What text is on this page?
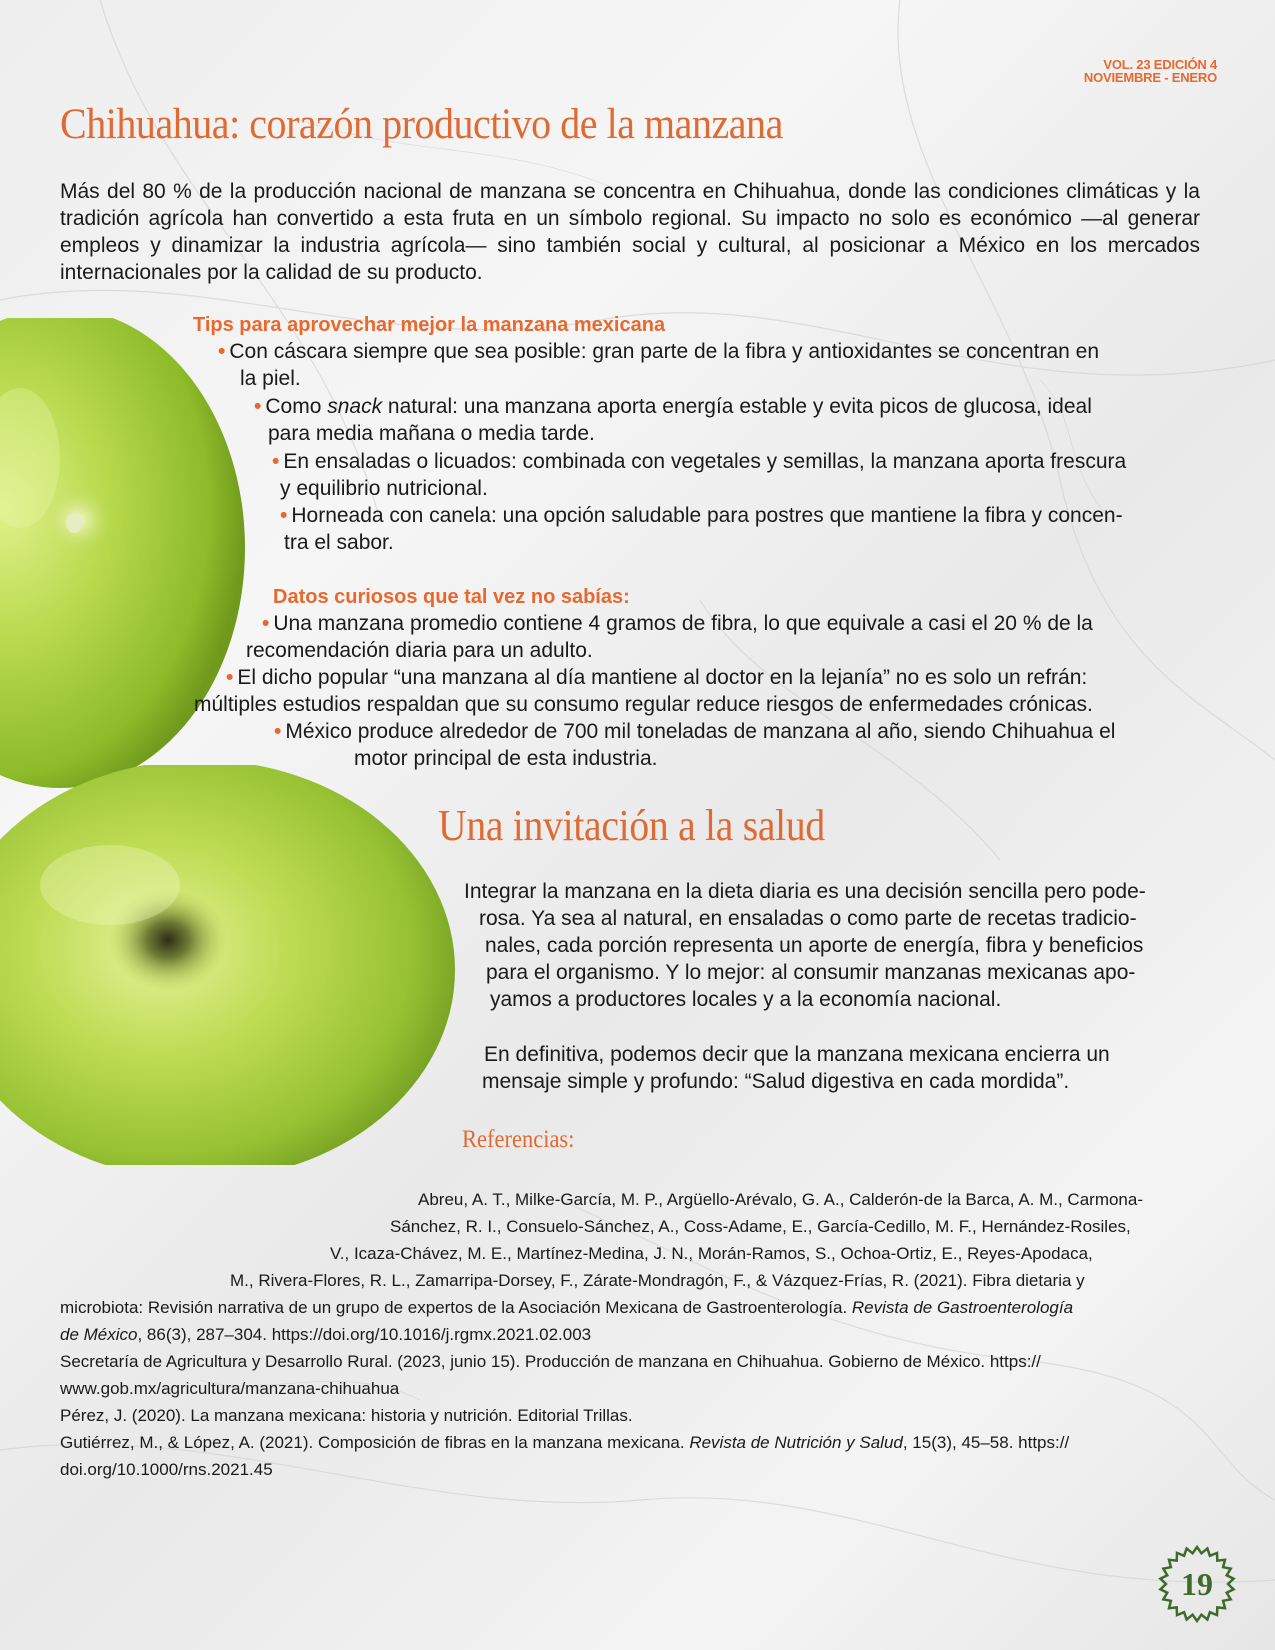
VOL. 23 EDICIÓN 4
NOVIEMBRE - ENERO
Chihuahua: corazón productivo de la manzana

Más del 80 % de la producción nacional de manzana se concentra en Chihuahua, donde las condiciones climáticas y la tradición agrícola han convertido a esta fruta en un símbolo regional. Su impacto no solo es económico —al generar empleos y dinamizar la industria agrícola— sino también social y cultural, al posicionar a México en los mercados internacionales por la calidad de su producto.

Tips para aprovechar mejor la manzana mexicana
• Con cáscara siempre que sea posible: gran parte de la fibra y antioxidantes se concentran en
la piel.
• Como snack natural: una manzana aporta energía estable y evita picos de glucosa, ideal
para media mañana o media tarde.
• En ensaladas o licuados: combinada con vegetales y semillas, la manzana aporta frescura
y equilibrio nutricional.
• Horneada con canela: una opción saludable para postres que mantiene la fibra y concen-
tra el sabor.
Datos curiosos que tal vez no sabías:
• Una manzana promedio contiene 4 gramos de fibra, lo que equivale a casi el 20 % de la
recomendación diaria para un adulto.
• El dicho popular “una manzana al día mantiene al doctor en la lejanía” no es solo un refrán:
múltiples estudios respaldan que su consumo regular reduce riesgos de enfermedades crónicas.
• México produce alrededor de 700 mil toneladas de manzana al año, siendo Chihuahua el
motor principal de esta industria.
Una invitación a la salud
Integrar la manzana en la dieta diaria es una decisión sencilla pero pode-
rosa. Ya sea al natural, en ensaladas o como parte de recetas tradicio-
nales, cada porción representa un aporte de energía, fibra y beneficios
para el organismo. Y lo mejor: al consumir manzanas mexicanas apo-
yamos a productores locales y a la economía nacional.
En definitiva, podemos decir que la manzana mexicana encierra un
mensaje simple y profundo: “Salud digestiva en cada mordida”.
Referencias:
Abreu, A. T., Milke-García, M. P., Argüello-Arévalo, G. A., Calderón-de la Barca, A. M., Carmona-
Sánchez, R. I., Consuelo-Sánchez, A., Coss-Adame, E., García-Cedillo, M. F., Hernández-Rosiles,
V., Icaza-Chávez, M. E., Martínez-Medina, J. N., Morán-Ramos, S., Ochoa-Ortiz, E., Reyes-Apodaca,
M., Rivera-Flores, R. L., Zamarripa-Dorsey, F., Zárate-Mondragón, F., & Vázquez-Frías, R. (2021). Fibra dietaria y
microbiota: Revisión narrativa de un grupo de expertos de la Asociación Mexicana de Gastroenterología. Revista de Gastroenterología
de México, 86(3), 287–304. https://doi.org/10.1016/j.rgmx.2021.02.003
Secretaría de Agricultura y Desarrollo Rural. (2023, junio 15). Producción de manzana en Chihuahua. Gobierno de México. https://
www.gob.mx/agricultura/manzana-chihuahua
Pérez, J. (2020). La manzana mexicana: historia y nutrición. Editorial Trillas.
Gutiérrez, M., & López, A. (2021). Composición de fibras en la manzana mexicana. Revista de Nutrición y Salud, 15(3), 45–58. https://
doi.org/10.1000/rns.2021.45
19
